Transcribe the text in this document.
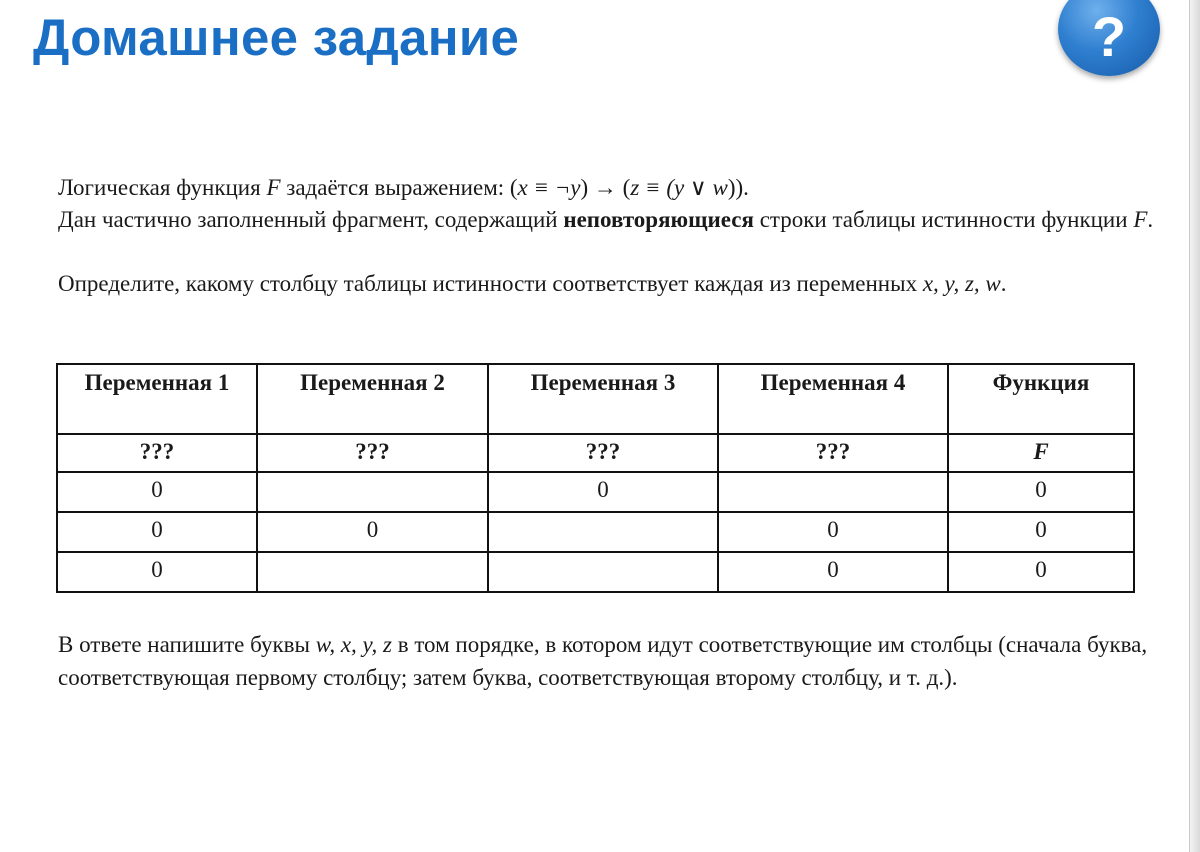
Домашнее задание	?
Логическая функция F задаётся выражением: (x ≡ ¬y) → (z ≡ (y ∨ w)).
Дан частично заполненный фрагмент, содержащий неповторяющиеся строки таблицы истинности функции F.
Определите, какому столбцу таблицы истинности соответствует каждая из переменных x, y, z, w.
Переменная 1	Переменная 2	Переменная 3	Переменная 4	Функция
???	???	???	???	F
0		0		0
0	0		0	0
0			0	0
В ответе напишите буквы w, x, y, z в том порядке, в котором идут соответствующие им столбцы (сначала буква, соответствующая первому столбцу; затем буква, соответствующая второму столбцу, и т. д.).
